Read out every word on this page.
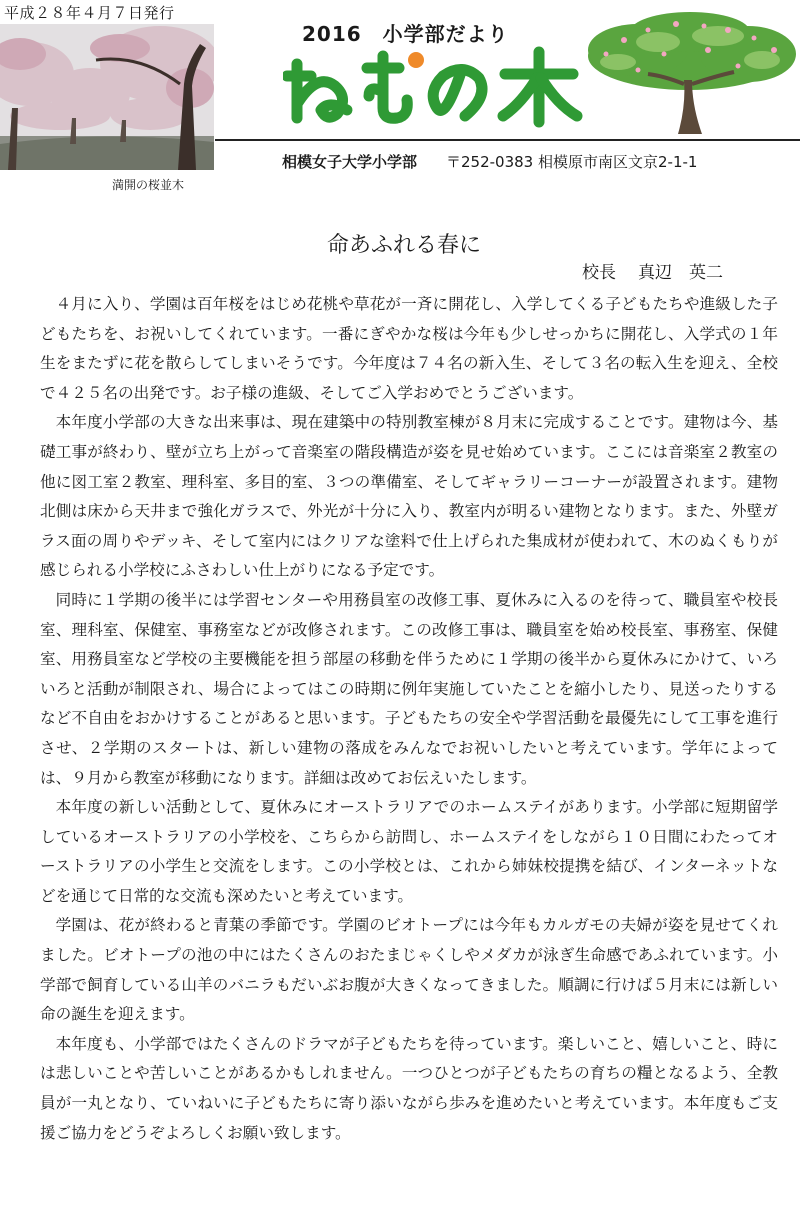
平成２８年４月７日発行
満開の桜並木
2016　小学部だより
相模女子大学小学部 〒252-0383 相模原市南区文京2-1-1
命あふれる春に
校長 真辺　英二

４月に入り、学園は百年桜をはじめ花桃や草花が一斉に開花し、入学してくる子どもたちや進級した子どもたちを、お祝いしてくれています。一番にぎやかな桜は今年も少しせっかちに開花し、入学式の１年生をまたずに花を散らしてしまいそうです。今年度は７４名の新入生、そして３名の転入生を迎え、全校で４２５名の出発です。お子様の進級、そしてご入学おめでとうございます。

本年度小学部の大きな出来事は、現在建築中の特別教室棟が８月末に完成することです。建物は今、基礎工事が終わり、壁が立ち上がって音楽室の階段構造が姿を見せ始めています。ここには音楽室２教室の他に図工室２教室、理科室、多目的室、３つの準備室、そしてギャラリーコーナーが設置されます。建物北側は床から天井まで強化ガラスで、外光が十分に入り、教室内が明るい建物となります。また、外壁ガラス面の周りやデッキ、そして室内にはクリアな塗料で仕上げられた集成材が使われて、木のぬくもりが感じられる小学校にふさわしい仕上がりになる予定です。

同時に１学期の後半には学習センターや用務員室の改修工事、夏休みに入るのを待って、職員室や校長室、理科室、保健室、事務室などが改修されます。この改修工事は、職員室を始め校長室、事務室、保健室、用務員室など学校の主要機能を担う部屋の移動を伴うために１学期の後半から夏休みにかけて、いろいろと活動が制限され、場合によってはこの時期に例年実施していたことを縮小したり、見送ったりするなど不自由をおかけすることがあると思います。子どもたちの安全や学習活動を最優先にして工事を進行させ、２学期のスタートは、新しい建物の落成をみんなでお祝いしたいと考えています。学年によっては、９月から教室が移動になります。詳細は改めてお伝えいたします。

本年度の新しい活動として、夏休みにオーストラリアでのホームステイがあります。小学部に短期留学しているオーストラリアの小学校を、こちらから訪問し、ホームステイをしながら１０日間にわたってオーストラリアの小学生と交流をします。この小学校とは、これから姉妹校提携を結び、インターネットなどを通じて日常的な交流も深めたいと考えています。

学園は、花が終わると青葉の季節です。学園のビオトープには今年もカルガモの夫婦が姿を見せてくれました。ビオトープの池の中にはたくさんのおたまじゃくしやメダカが泳ぎ生命感であふれています。小学部で飼育している山羊のバニラもだいぶお腹が大きくなってきました。順調に行けば５月末には新しい命の誕生を迎えます。

本年度も、小学部ではたくさんのドラマが子どもたちを待っています。楽しいこと、嬉しいこと、時には悲しいことや苦しいことがあるかもしれません。一つひとつが子どもたちの育ちの糧となるよう、全教員が一丸となり、ていねいに子どもたちに寄り添いながら歩みを進めたいと考えています。本年度もご支援ご協力をどうぞよろしくお願い致します。
